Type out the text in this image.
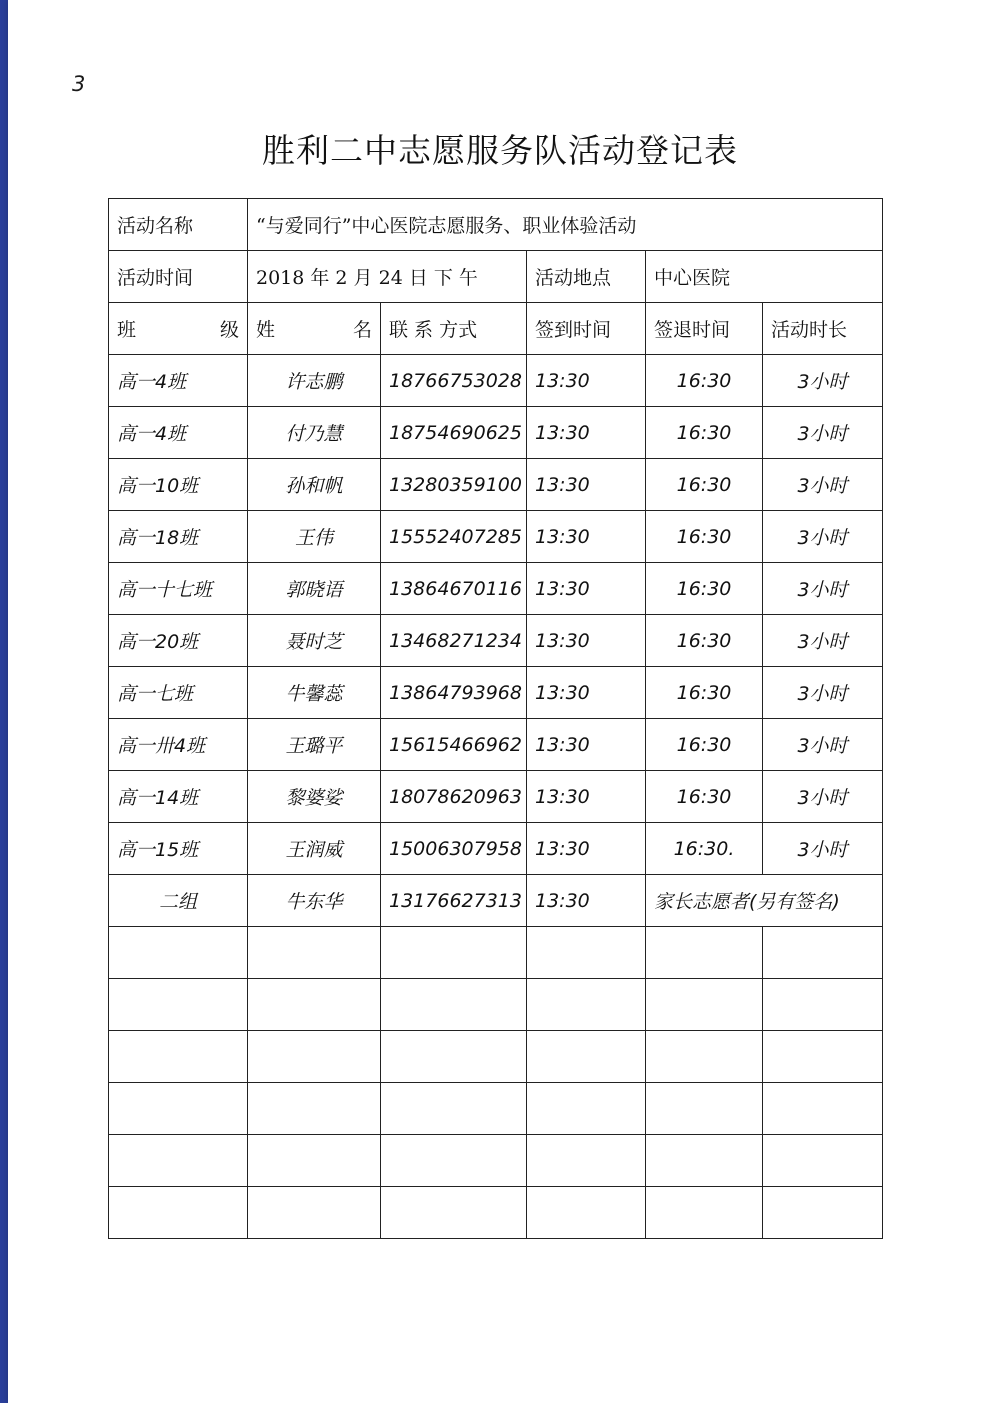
3
胜利二中志愿服务队活动登记表
活动名称	“与爱同行”中心医院志愿服务、职业体验活动				
活动时间	2018 年 2 月 24 日 下 午		活动地点	中心医院	

班 级	姓 名	联 系 方式	签到时间	签退时间	活动时长
高一4班	许志鹏	18766753028	13:30	16:30	3小时
高一4班	付乃慧	18754690625	13:30	16:30	3小时
高一10班	孙和帆	13280359100	13:30	16:30	3小时
高一18班	王伟	15552407285	13:30	16:30	3小时
高一十七班	郭晓语	13864670116	13:30	16:30	3小时
高一20班	聂时芝	13468271234	13:30	16:30	3小时
高一七班	牛馨蕊	13864793968	13:30	16:30	3小时
高一卅4班	王璐平	15615466962	13:30	16:30	3小时
高一14班	黎婆娑	18078620963	13:30	16:30	3小时
高一15班	王润威	15006307958	13:30	16:30.	3小时
二组	牛东华	13176627313	13:30	家长志愿者(另有签名)	
